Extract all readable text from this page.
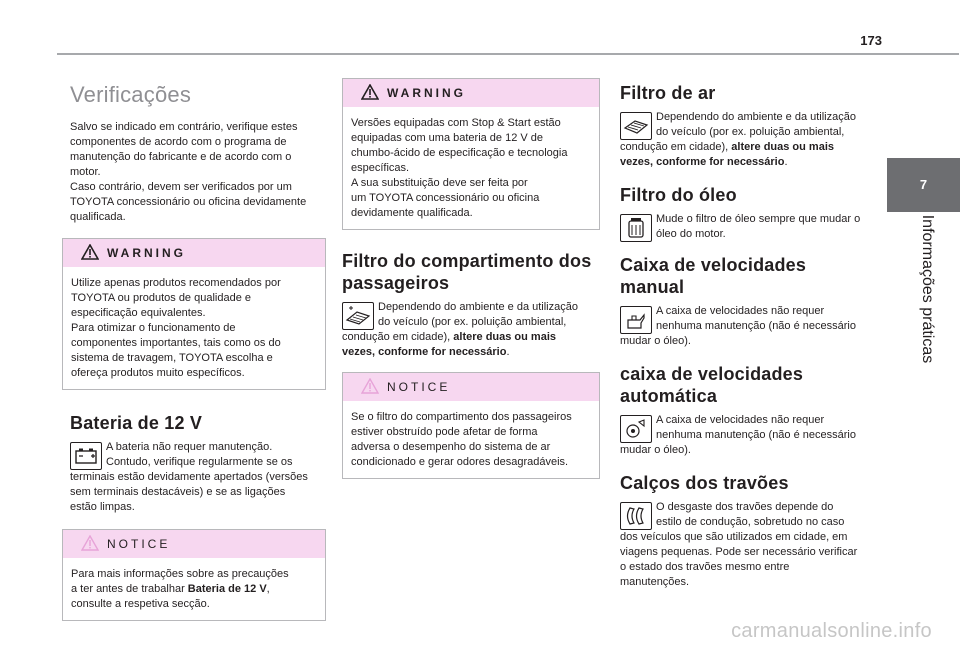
173
7
Informações práticas
Verificações

Salvo se indicado em contrário, verifique estes
componentes de acordo com o programa de
manutenção do fabricante e de acordo com o
motor.
Caso contrário, devem ser verificados por um
TOYOTA concessionário ou oficina devidamente
qualificada.

WARNING

Utilize apenas produtos recomendados por
TOYOTA ou produtos de qualidade e
especificação equivalentes.
Para otimizar o funcionamento de
componentes importantes, tais como os do
sistema de travagem, TOYOTA escolha e
ofereça produtos muito específicos.

Bateria de 12 V

A bateria não requer manutenção.
Contudo, verifique regularmente se os
terminais estão devidamente apertados (versões
sem terminais destacáveis) e se as ligações
estão limpas.

NOTICE

Para mais informações sobre as precauções
a ter antes de trabalhar Bateria de 12 V,
consulte a respetiva secção.

WARNING

Versões equipadas com Stop & Start estão
equipadas com uma bateria de 12 V de
chumbo-ácido de especificação e tecnologia
específicas.
A sua substituição deve ser feita por
um TOYOTA concessionário ou oficina
devidamente qualificada.

Filtro do compartimento dos
passageiros

Dependendo do ambiente e da utilização
do veículo (por ex. poluição ambiental,
condução em cidade), altere duas ou mais
vezes, conforme for necessário.

NOTICE

Se o filtro do compartimento dos passageiros
estiver obstruído pode afetar de forma
adversa o desempenho do sistema de ar
condicionado e gerar odores desagradáveis.

Filtro de ar

Dependendo do ambiente e da utilização
do veículo (por ex. poluição ambiental,
condução em cidade), altere duas ou mais
vezes, conforme for necessário.

Filtro do óleo

Mude o filtro de óleo sempre que mudar o
óleo do motor.

Caixa de velocidades
manual

A caixa de velocidades não requer
nenhuma manutenção (não é necessário
mudar o óleo).

caixa de velocidades
automática

A caixa de velocidades não requer
nenhuma manutenção (não é necessário
mudar o óleo).

Calços dos travões

O desgaste dos travões depende do
estilo de condução, sobretudo no caso
dos veículos que são utilizados em cidade, em
viagens pequenas. Pode ser necessário verificar
o estado dos travões mesmo entre
manutenções.

carmanualsonline.info
